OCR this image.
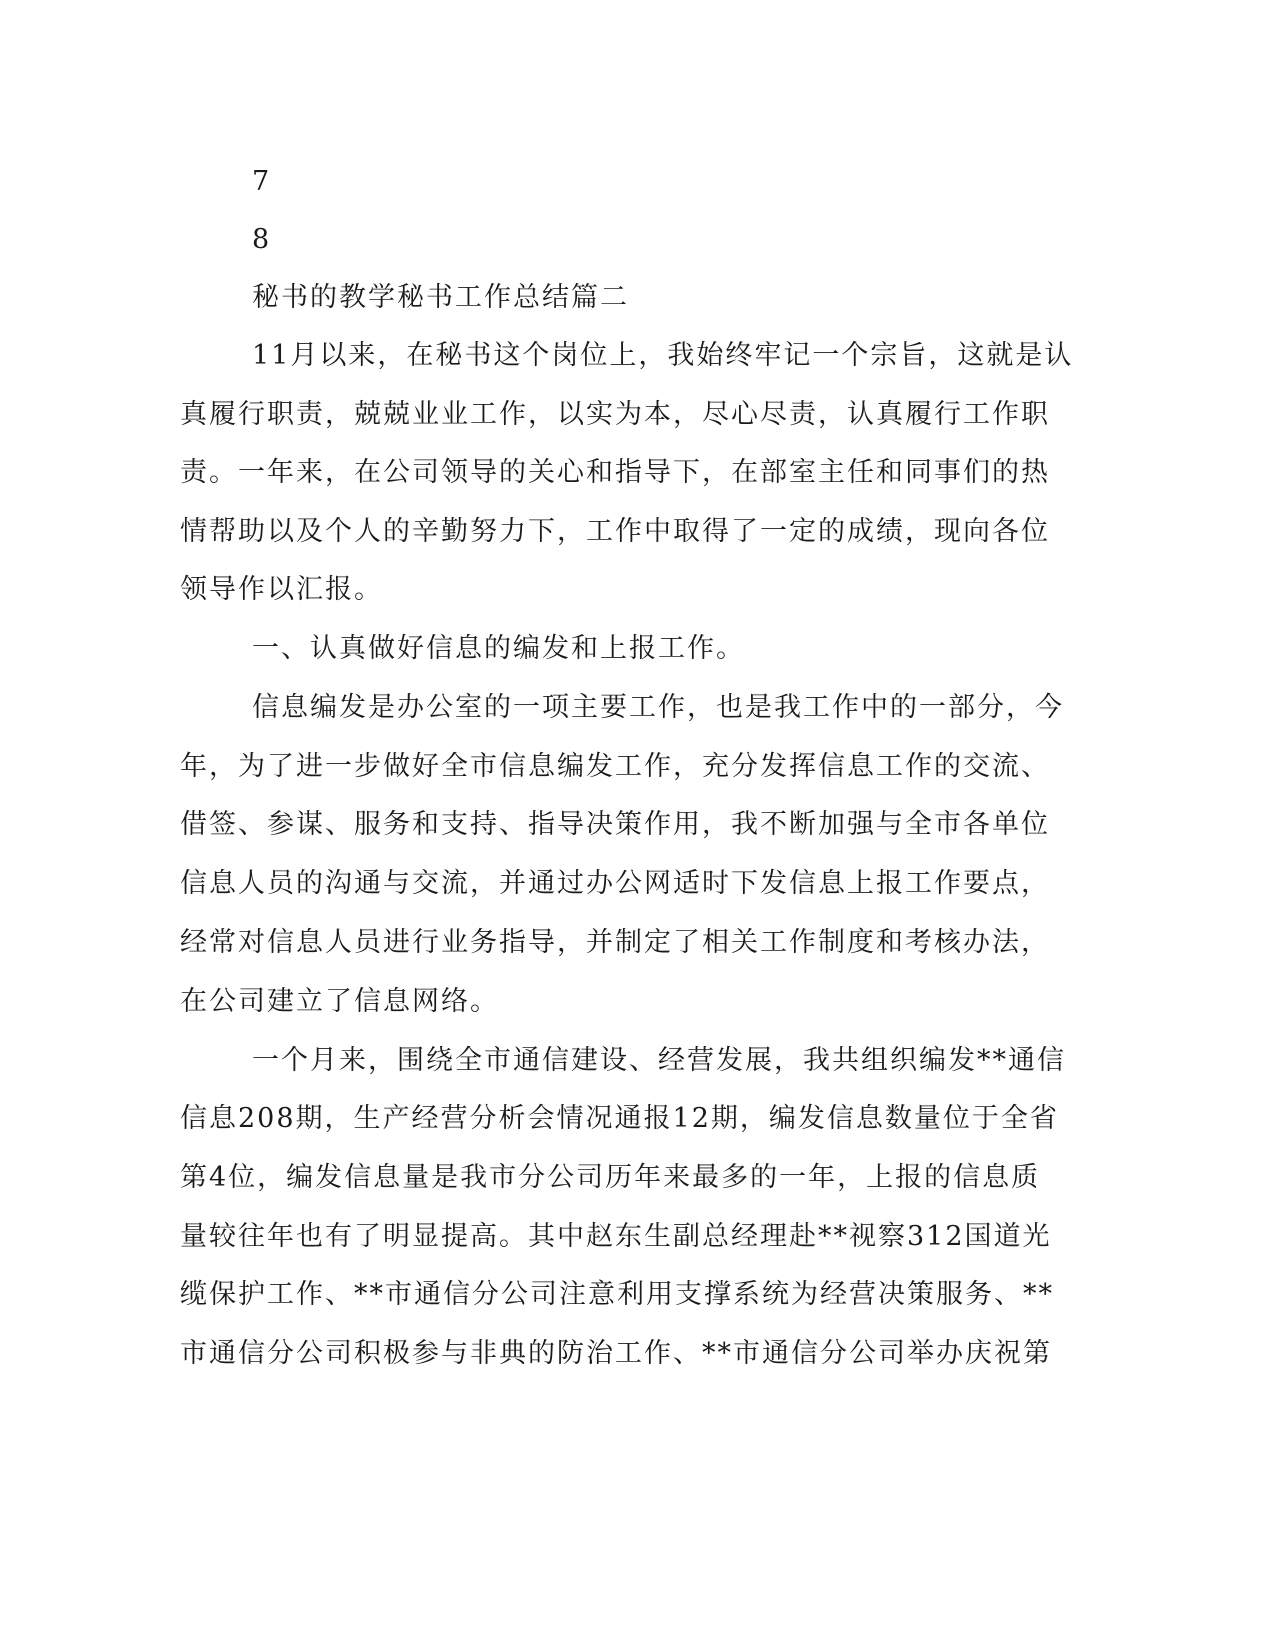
7
8
秘书的教学秘书工作总结篇二
11月以来，在秘书这个岗位上，我始终牢记一个宗旨，这就是认
真履行职责，兢兢业业工作，以实为本，尽心尽责，认真履行工作职
责。一年来，在公司领导的关心和指导下，在部室主任和同事们的热
情帮助以及个人的辛勤努力下，工作中取得了一定的成绩，现向各位
领导作以汇报。
一、认真做好信息的编发和上报工作。
信息编发是办公室的一项主要工作，也是我工作中的一部分，今
年，为了进一步做好全市信息编发工作，充分发挥信息工作的交流、
借签、参谋、服务和支持、指导决策作用，我不断加强与全市各单位
信息人员的沟通与交流，并通过办公网适时下发信息上报工作要点，
经常对信息人员进行业务指导，并制定了相关工作制度和考核办法，
在公司建立了信息网络。
一个月来，围绕全市通信建设、经营发展，我共组织编发**通信
信息208期，生产经营分析会情况通报12期，编发信息数量位于全省
第4位，编发信息量是我市分公司历年来最多的一年，上报的信息质
量较往年也有了明显提高。其中赵东生副总经理赴**视察312国道光
缆保护工作、**市通信分公司注意利用支撑系统为经营决策服务、**
市通信分公司积极参与非典的防治工作、**市通信分公司举办庆祝第
